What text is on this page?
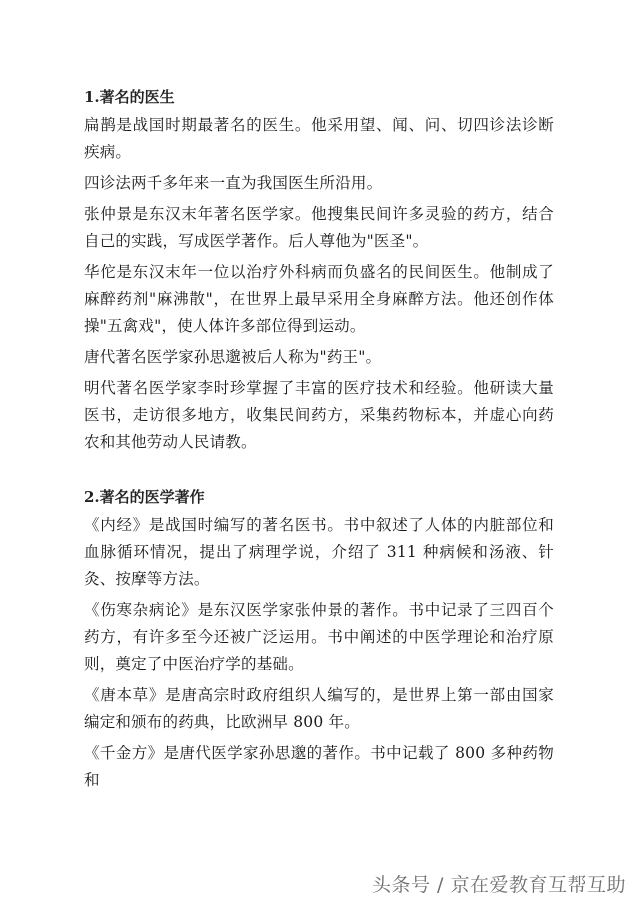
1.著名的医生

扁鹊是战国时期最著名的医生。他采用望、闻、问、切四诊法诊断疾病。

四诊法两千多年来一直为我国医生所沿用。

张仲景是东汉末年著名医学家。他搜集民间许多灵验的药方，结合自己的实践，写成医学著作。后人尊他为"医圣"。

华佗是东汉末年一位以治疗外科病而负盛名的民间医生。他制成了麻醉药剂"麻沸散"，在世界上最早采用全身麻醉方法。他还创作体操"五禽戏"，使人体许多部位得到运动。

唐代著名医学家孙思邈被后人称为"药王"。

明代著名医学家李时珍掌握了丰富的医疗技术和经验。他研读大量医书，走访很多地方，收集民间药方，采集药物标本，并虚心向药农和其他劳动人民请教。

2.著名的医学著作

《内经》是战国时编写的著名医书。书中叙述了人体的内脏部位和血脉循环情况，提出了病理学说，介绍了 311 种病候和汤液、针灸、按摩等方法。

《伤寒杂病论》是东汉医学家张仲景的著作。书中记录了三四百个药方，有许多至今还被广泛运用。书中阐述的中医学理论和治疗原则，奠定了中医治疗学的基础。

《唐本草》是唐高宗时政府组织人编写的，是世界上第一部由国家编定和颁布的药典，比欧洲早 800 年。

《千金方》是唐代医学家孙思邈的著作。书中记载了 800 多种药物和

头条号 / 京在爱教育互帮互助
